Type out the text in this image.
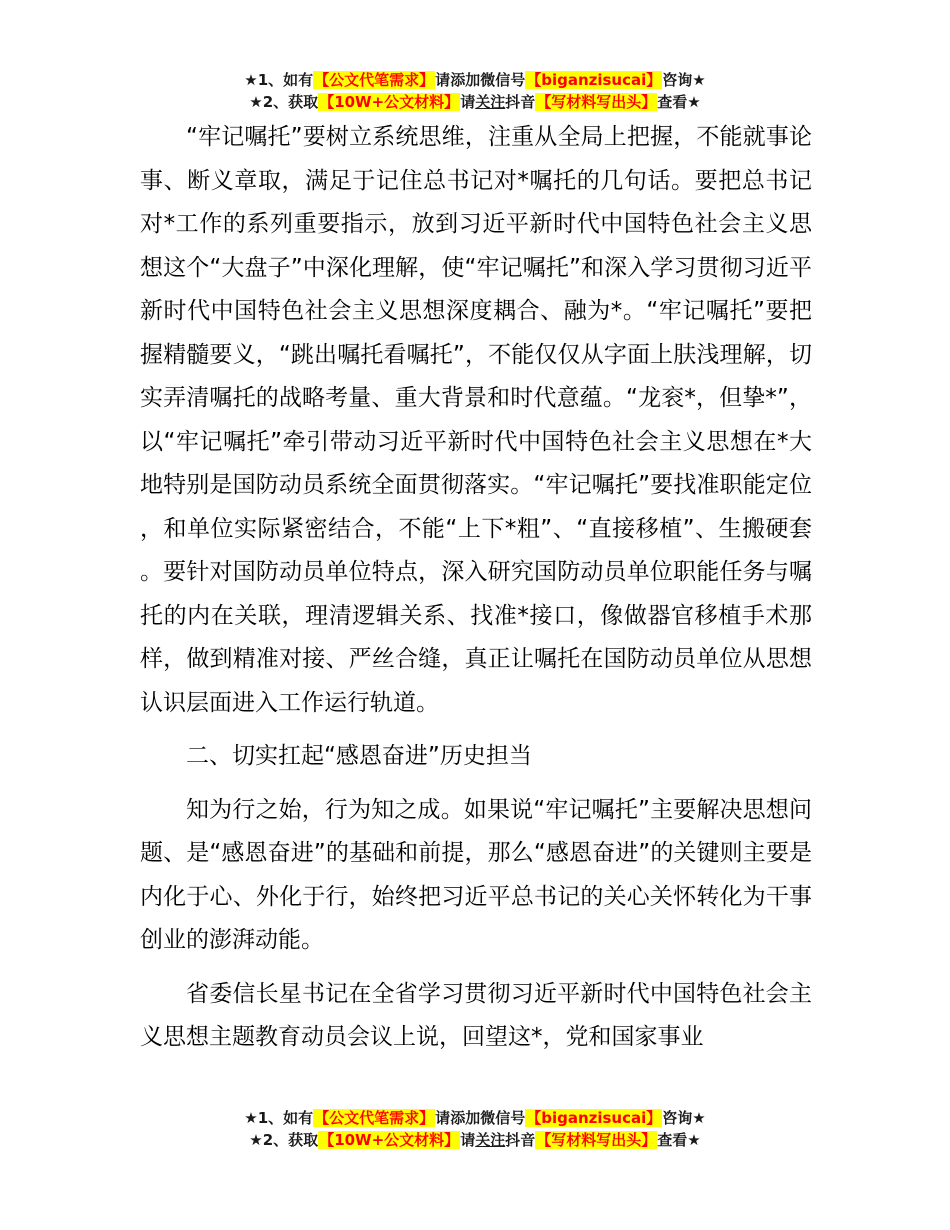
★1、如有【公文代笔需求】请添加微信号【biganzisucai】咨询★
★2、获取【10W+公文材料】请关注抖音【写材料写出头】查看★

“牢记嘱托”要树立系统思维，注重从全局上把握，不能就事论事、断义章取，满足于记住总书记对*嘱托的几句话。要把总书记对*工作的系列重要指示，放到习近平新时代中国特色社会主义思想这个“大盘子”中深化理解，使“牢记嘱托”和深入学习贯彻习近平新时代中国特色社会主义思想深度耦合、融为*。“牢记嘱托”要把握精髓要义，“跳出嘱托看嘱托”，不能仅仅从字面上肤浅理解，切实弄清嘱托的战略考量、重大背景和时代意蕴。“龙衮*，但挚*”，以“牢记嘱托”牵引带动习近平新时代中国特色社会主义思想在*大地特别是国防动员系统全面贯彻落实。“牢记嘱托”要找准职能定位，和单位实际紧密结合，不能“上下*粗”、“直接移植”、生搬硬套。要针对国防动员单位特点，深入研究国防动员单位职能任务与嘱托的内在关联，理清逻辑关系、找准*接口，像做器官移植手术那样，做到精准对接、严丝合缝，真正让嘱托在国防动员单位从思想认识层面进入工作运行轨道。

二、切实扛起“感恩奋进”历史担当

知为行之始，行为知之成。如果说“牢记嘱托”主要解决思想问题、是“感恩奋进”的基础和前提，那么“感恩奋进”的关键则主要是内化于心、外化于行，始终把习近平总书记的关心关怀转化为干事创业的澎湃动能。

省委信长星书记在全省学习贯彻习近平新时代中国特色社会主义思想主题教育动员会议上说，回望这*，党和国家事业

★1、如有【公文代笔需求】请添加微信号【biganzisucai】咨询★
★2、获取【10W+公文材料】请关注抖音【写材料写出头】查看★
